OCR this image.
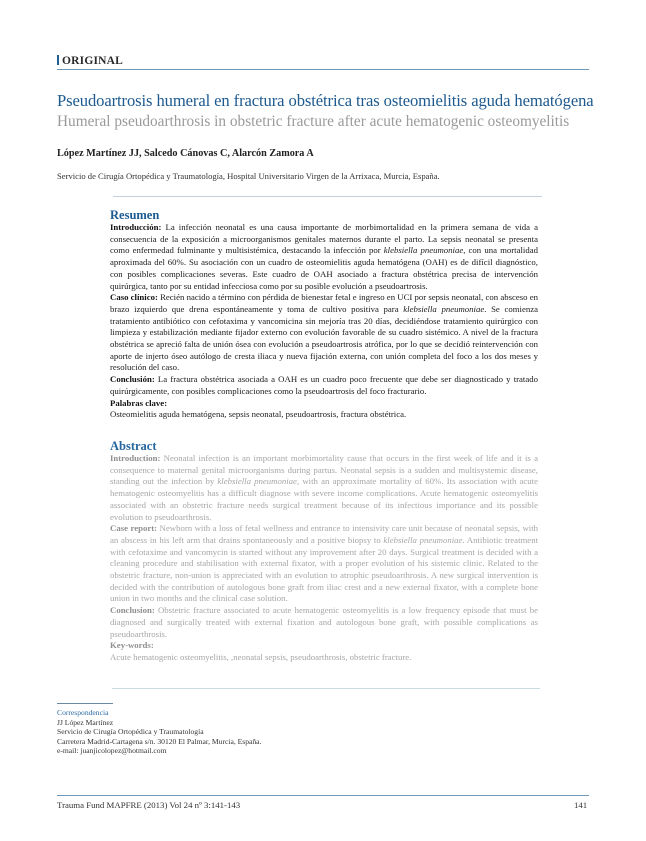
ORIGINAL
Pseudoartrosis humeral en fractura obstétrica tras osteomielitis aguda hematógena
Humeral pseudoarthrosis in obstetric fracture after acute hematogenic osteomyelitis
López Martínez JJ, Salcedo Cánovas C, Alarcón Zamora A
Servicio de Cirugía Ortopédica y Traumatología, Hospital Universitario Virgen de la Arrixaca, Murcia, España.

Resumen

Introducción: La infección neonatal es una causa importante de morbimortalidad en la primera semana de vida a consecuencia de la exposición a microorganismos genitales maternos durante el parto. La sepsis neonatal se presenta como enfermedad fulminante y multisistémica, destacando la infección por klebsiella pneumoniae, con una mortalidad aproximada del 60%. Su asociación con un cuadro de osteomielitis aguda hematógena (OAH) es de difícil diagnóstico, con posibles complicaciones severas. Este cuadro de OAH asociado a fractura obstétrica precisa de intervención quirúrgica, tanto por su entidad infecciosa como por su posible evolución a pseudoartrosis.

Caso clínico: Recién nacido a término con pérdida de bienestar fetal e ingreso en UCI por sepsis neonatal, con absceso en brazo izquierdo que drena espontáneamente y toma de cultivo positiva para klebsiella pneumoniae. Se comienza tratamiento antibiótico con cefotaxima y vancomicina sin mejoría tras 20 días, decidiéndose tratamiento quirúrgico con limpieza y estabilización mediante fijador externo con evolución favorable de su cuadro sistémico. A nivel de la fractura obstétrica se apreció falta de unión ósea con evolución a pseudoartrosis atrófica, por lo que se decidió reintervención con aporte de injerto óseo autólogo de cresta iliaca y nueva fijación externa, con unión completa del foco a los dos meses y resolución del caso.

Conclusión: La fractura obstétrica asociada a OAH es un cuadro poco frecuente que debe ser diagnosticado y tratado quirúrgicamente, con posibles complicaciones como la pseudoartrosis del foco fracturario.

Palabras clave:

Osteomielitis aguda hematógena, sepsis neonatal, pseudoartrosis, fractura obstétrica.

Abstract

Introduction: Neonatal infection is an important morbimortality cause that occurs in the first week of life and it is a consequence to maternal genital microorganisms during partus. Neonatal sepsis is a sudden and multisystemic disease, standing out the infection by klebsiella pneumoniae, with an approximate mortality of 60%. Its association with acute hematogenic osteomyelitis has a difficult diagnose with severe income complications. Acute hematogenic osteomyelitis associated with an obstetric fracture needs surgical treatment because of its infectious importance and its possible evolution to pseudoarthrosis.

Case report: Newborn with a loss of fetal wellness and entrance to intensivity care unit because of neonatal sepsis, with an abscess in his left arm that drains spontaneously and a positive biopsy to klebsiella pneumoniae. Antibiotic treatment with cefotaxime and vancomycin is started without any improvement after 20 days. Surgical treatment is decided with a cleaning procedure and stabilisation with external fixator, with a proper evolution of his sistemic clinic. Related to the obstetric fracture, non-union is appreciated with an evolution to atrophic pseudoarthrosis. A new surgical intervention is decided with the contribution of autologous bone graft from iliac crest and a new external fixator, with a complete bone union in two months and the clinical case solution.

Conclusion: Obstetric fracture associated to acute hematogenic osteomyelitis is a low frequency episode that must be diagnosed and surgically treated with external fixation and autologous bone graft, with possible complications as pseudoarthrosis.

Key-words:

Acute hematogenic osteomyelitis, ,neonatal sepsis, pseudoarthrosis, obstetric fracture.

Correspondencia
JJ López Martínez
Servicio de Cirugía Ortopédica y Traumatología
Carretera Madrid-Cartagena s/n. 30120 El Palmar, Murcia, España.
e-mail: juanjicolopez@hotmail.com
Trauma Fund MAPFRE (2013) Vol 24 nº 3:141-143	141
